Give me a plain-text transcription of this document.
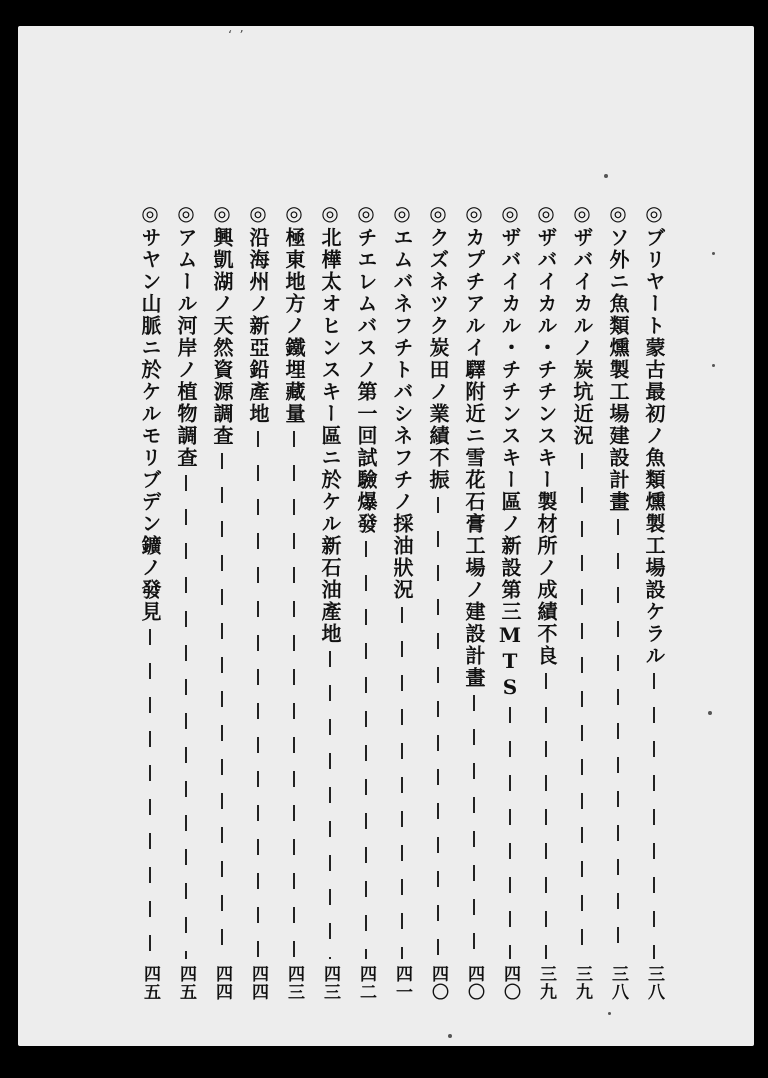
‘ ’
◎ブリヤート蒙古最初ノ魚類燻製工場設ケラル
三八
◎ソ外ニ魚類燻製工場建設計畫
三八
◎ザバイカルノ炭坑近況
三九
◎ザバイカル・チチンスキー製材所ノ成績不良
三九
◎ザバイカル・チチンスキー區ノ新設第三MTS
四〇
◎カプチアルイ驛附近ニ雪花石膏工場ノ建設計畫
四〇
◎クズネツク炭田ノ業績不振
四〇
◎エムバネフチトバシネフチノ採油狀況
四一
◎チエレムバスノ第一回試驗爆發
四二
◎北樺太オヒンスキー區ニ於ケル新石油產地
四三
◎極東地方ノ鐵埋藏量
四三
◎沿海州ノ新亞鉛產地
四四
◎興凱湖ノ天然資源調查
四四
◎アムール河岸ノ植物調查
四五
◎サヤン山脈ニ於ケルモリブデン鑛ノ發見
四五
